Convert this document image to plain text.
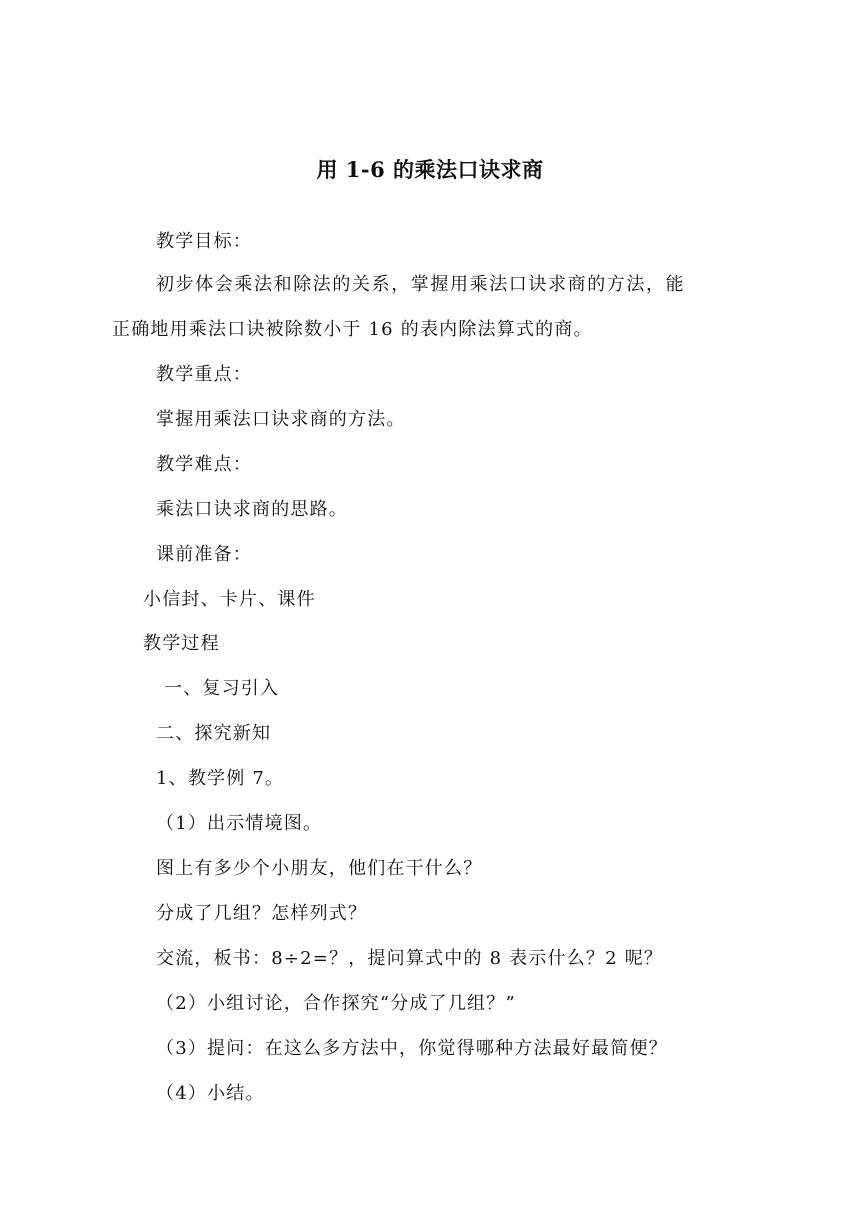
用 1-6 的乘法口诀求商
教学目标：
初步体会乘法和除法的关系，掌握用乘法口诀求商的方法，能
正确地用乘法口诀被除数小于 16 的表内除法算式的商。
教学重点：
掌握用乘法口诀求商的方法。
教学难点：
乘法口诀求商的思路。
课前准备：
小信封、卡片、课件
教学过程
一、复习引入
二、探究新知
1、教学例 7。
（1）出示情境图。
图上有多少个小朋友，他们在干什么？
分成了几组？怎样列式？
交流，板书：8÷2=？，提问算式中的 8 表示什么？2 呢？
（2）小组讨论，合作探究“分成了几组？”
（3）提问：在这么多方法中，你觉得哪种方法最好最简便？
（4）小结。
